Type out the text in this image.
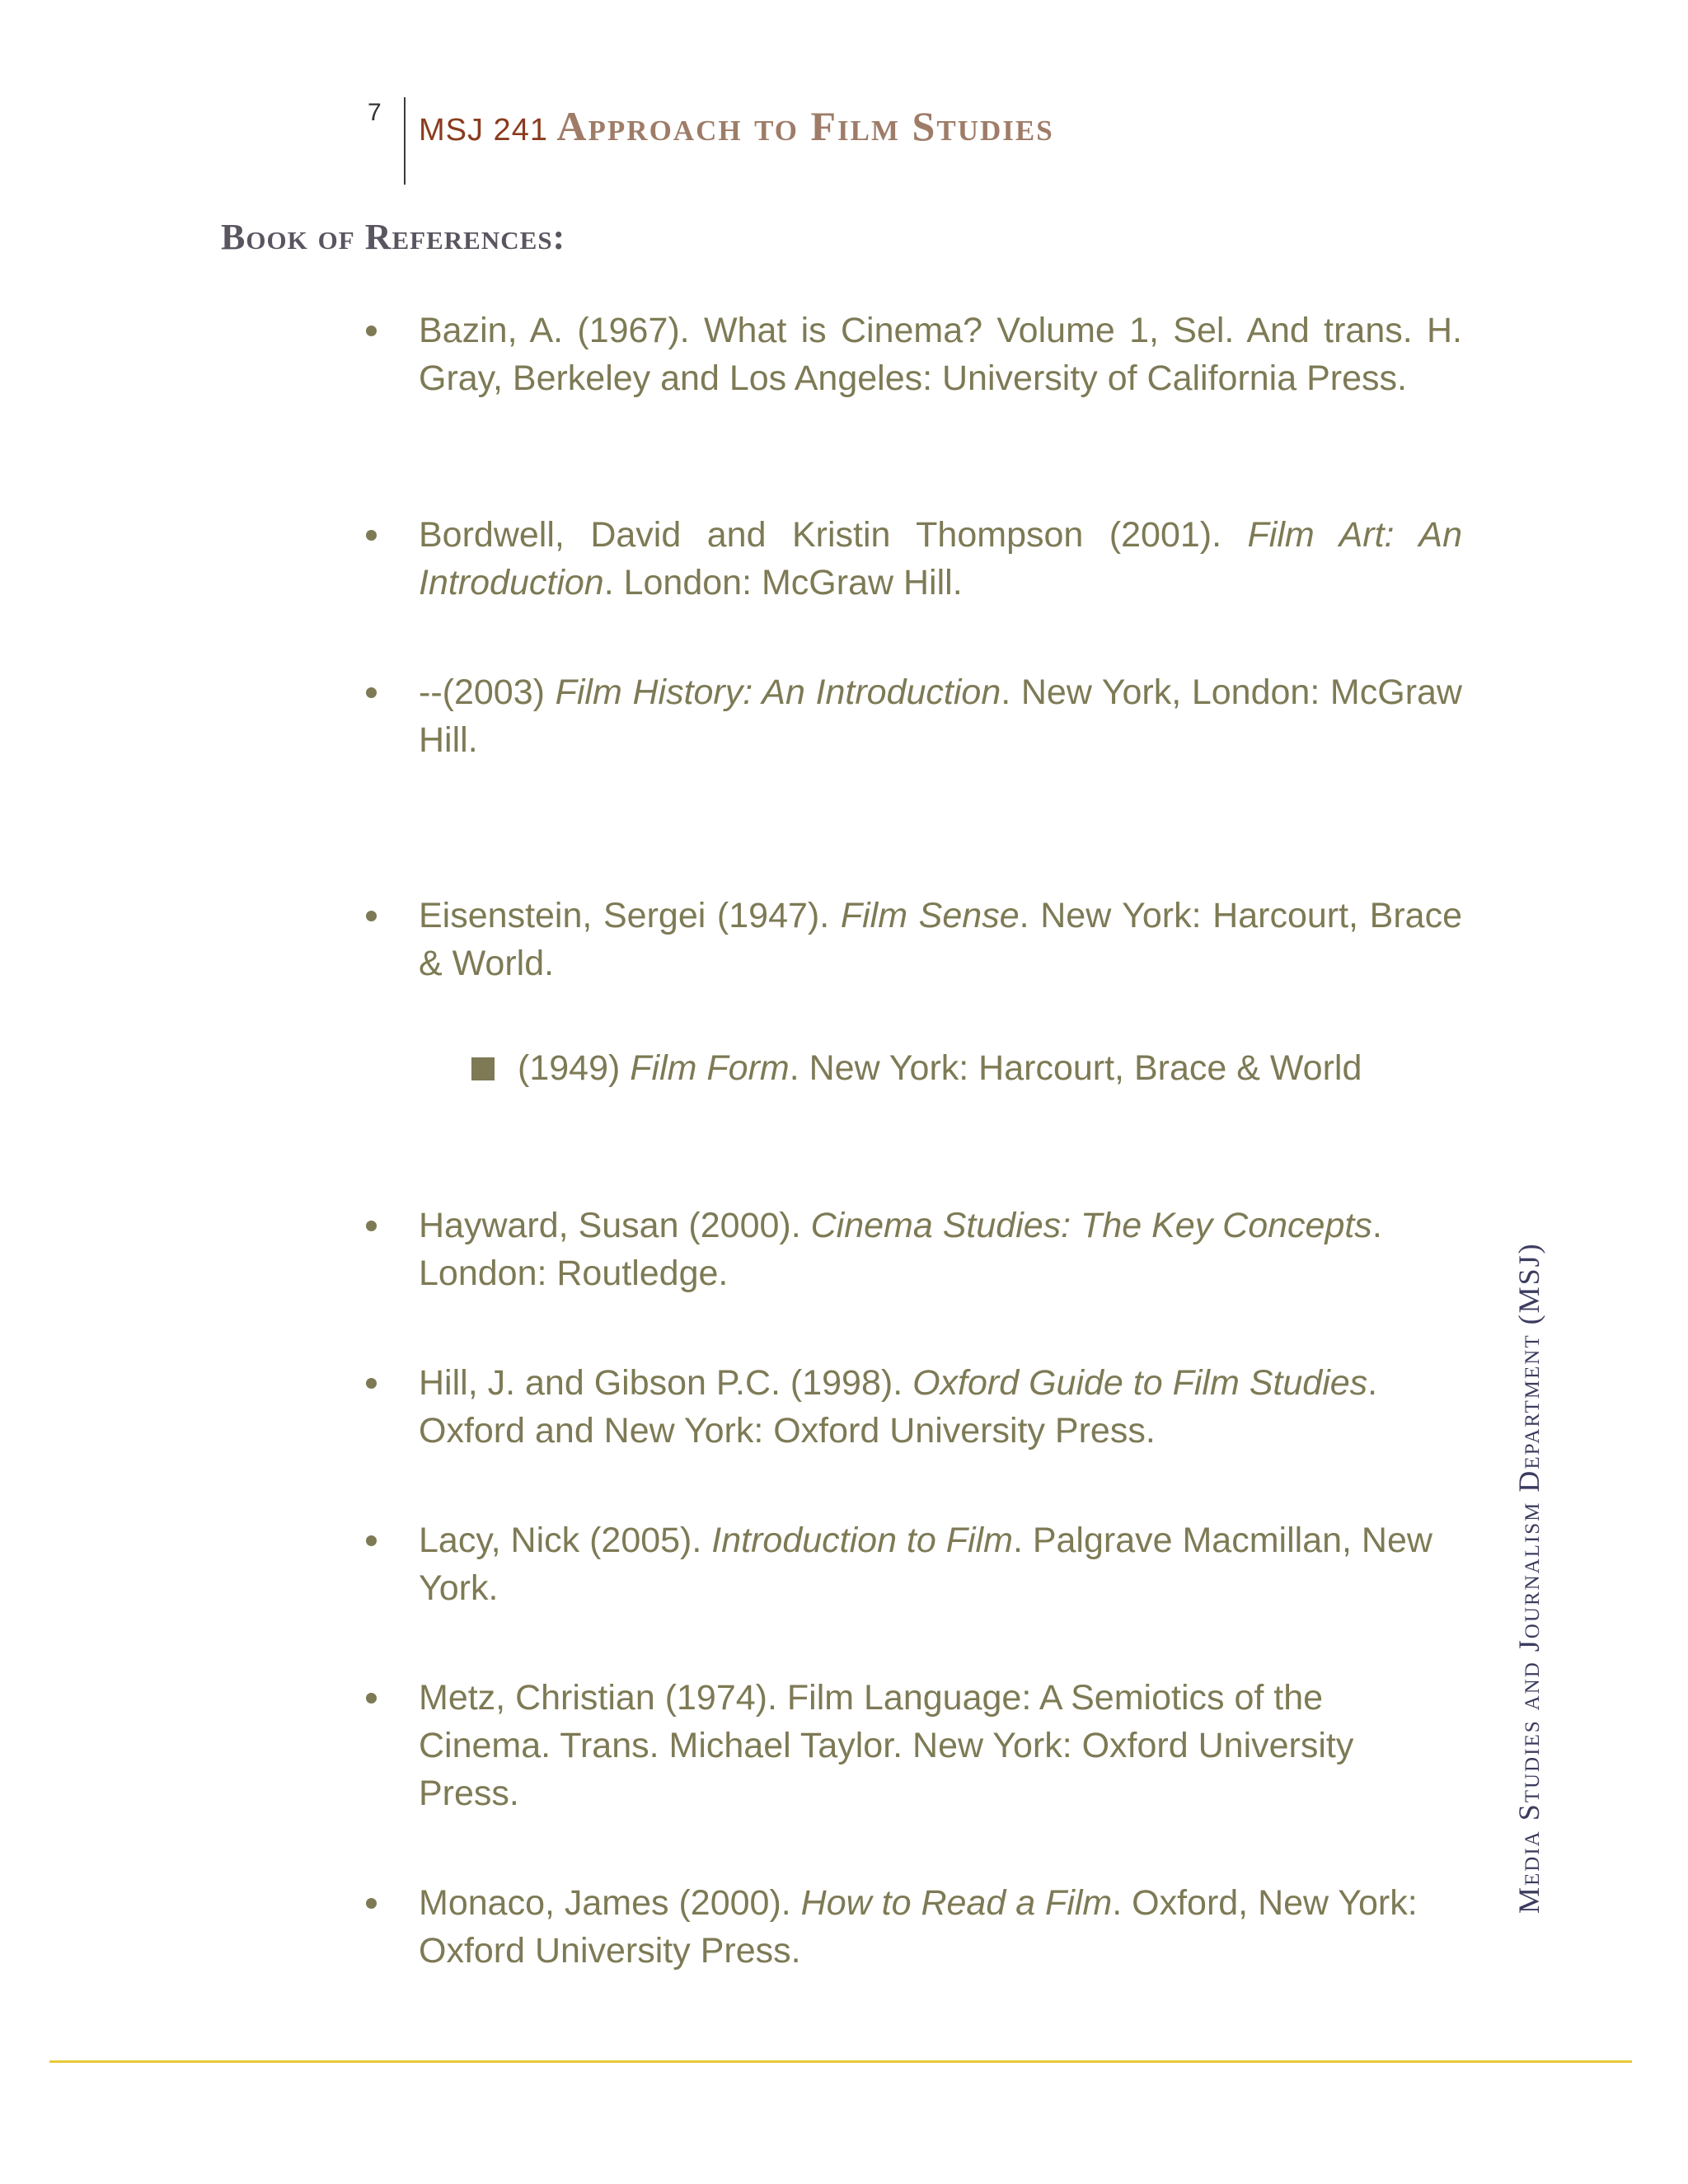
7
MSJ 241 Approach to Film Studies
Book of References:
Bazin, A. (1967). What is Cinema? Volume 1, Sel. And trans. H. Gray, Berkeley and Los Angeles: University of California Press.
Bordwell, David and Kristin Thompson (2001). Film Art: An Introduction. London: McGraw Hill.
--(2003) Film History: An Introduction. New York, London: McGraw Hill.
Eisenstein, Sergei (1947). Film Sense. New York: Harcourt, Brace & World.
(1949) Film Form. New York: Harcourt, Brace & World
Hayward, Susan (2000). Cinema Studies: The Key Concepts. London: Routledge.
Hill, J. and Gibson P.C. (1998). Oxford Guide to Film Studies. Oxford and New York: Oxford University Press.
Lacy, Nick (2005). Introduction to Film. Palgrave Macmillan, New York.
Metz, Christian (1974). Film Language: A Semiotics of the Cinema. Trans. Michael Taylor. New York: Oxford University Press.
Monaco, James (2000). How to Read a Film. Oxford, New York: Oxford University Press.
Media Studies and Journalism Department (MSJ)
